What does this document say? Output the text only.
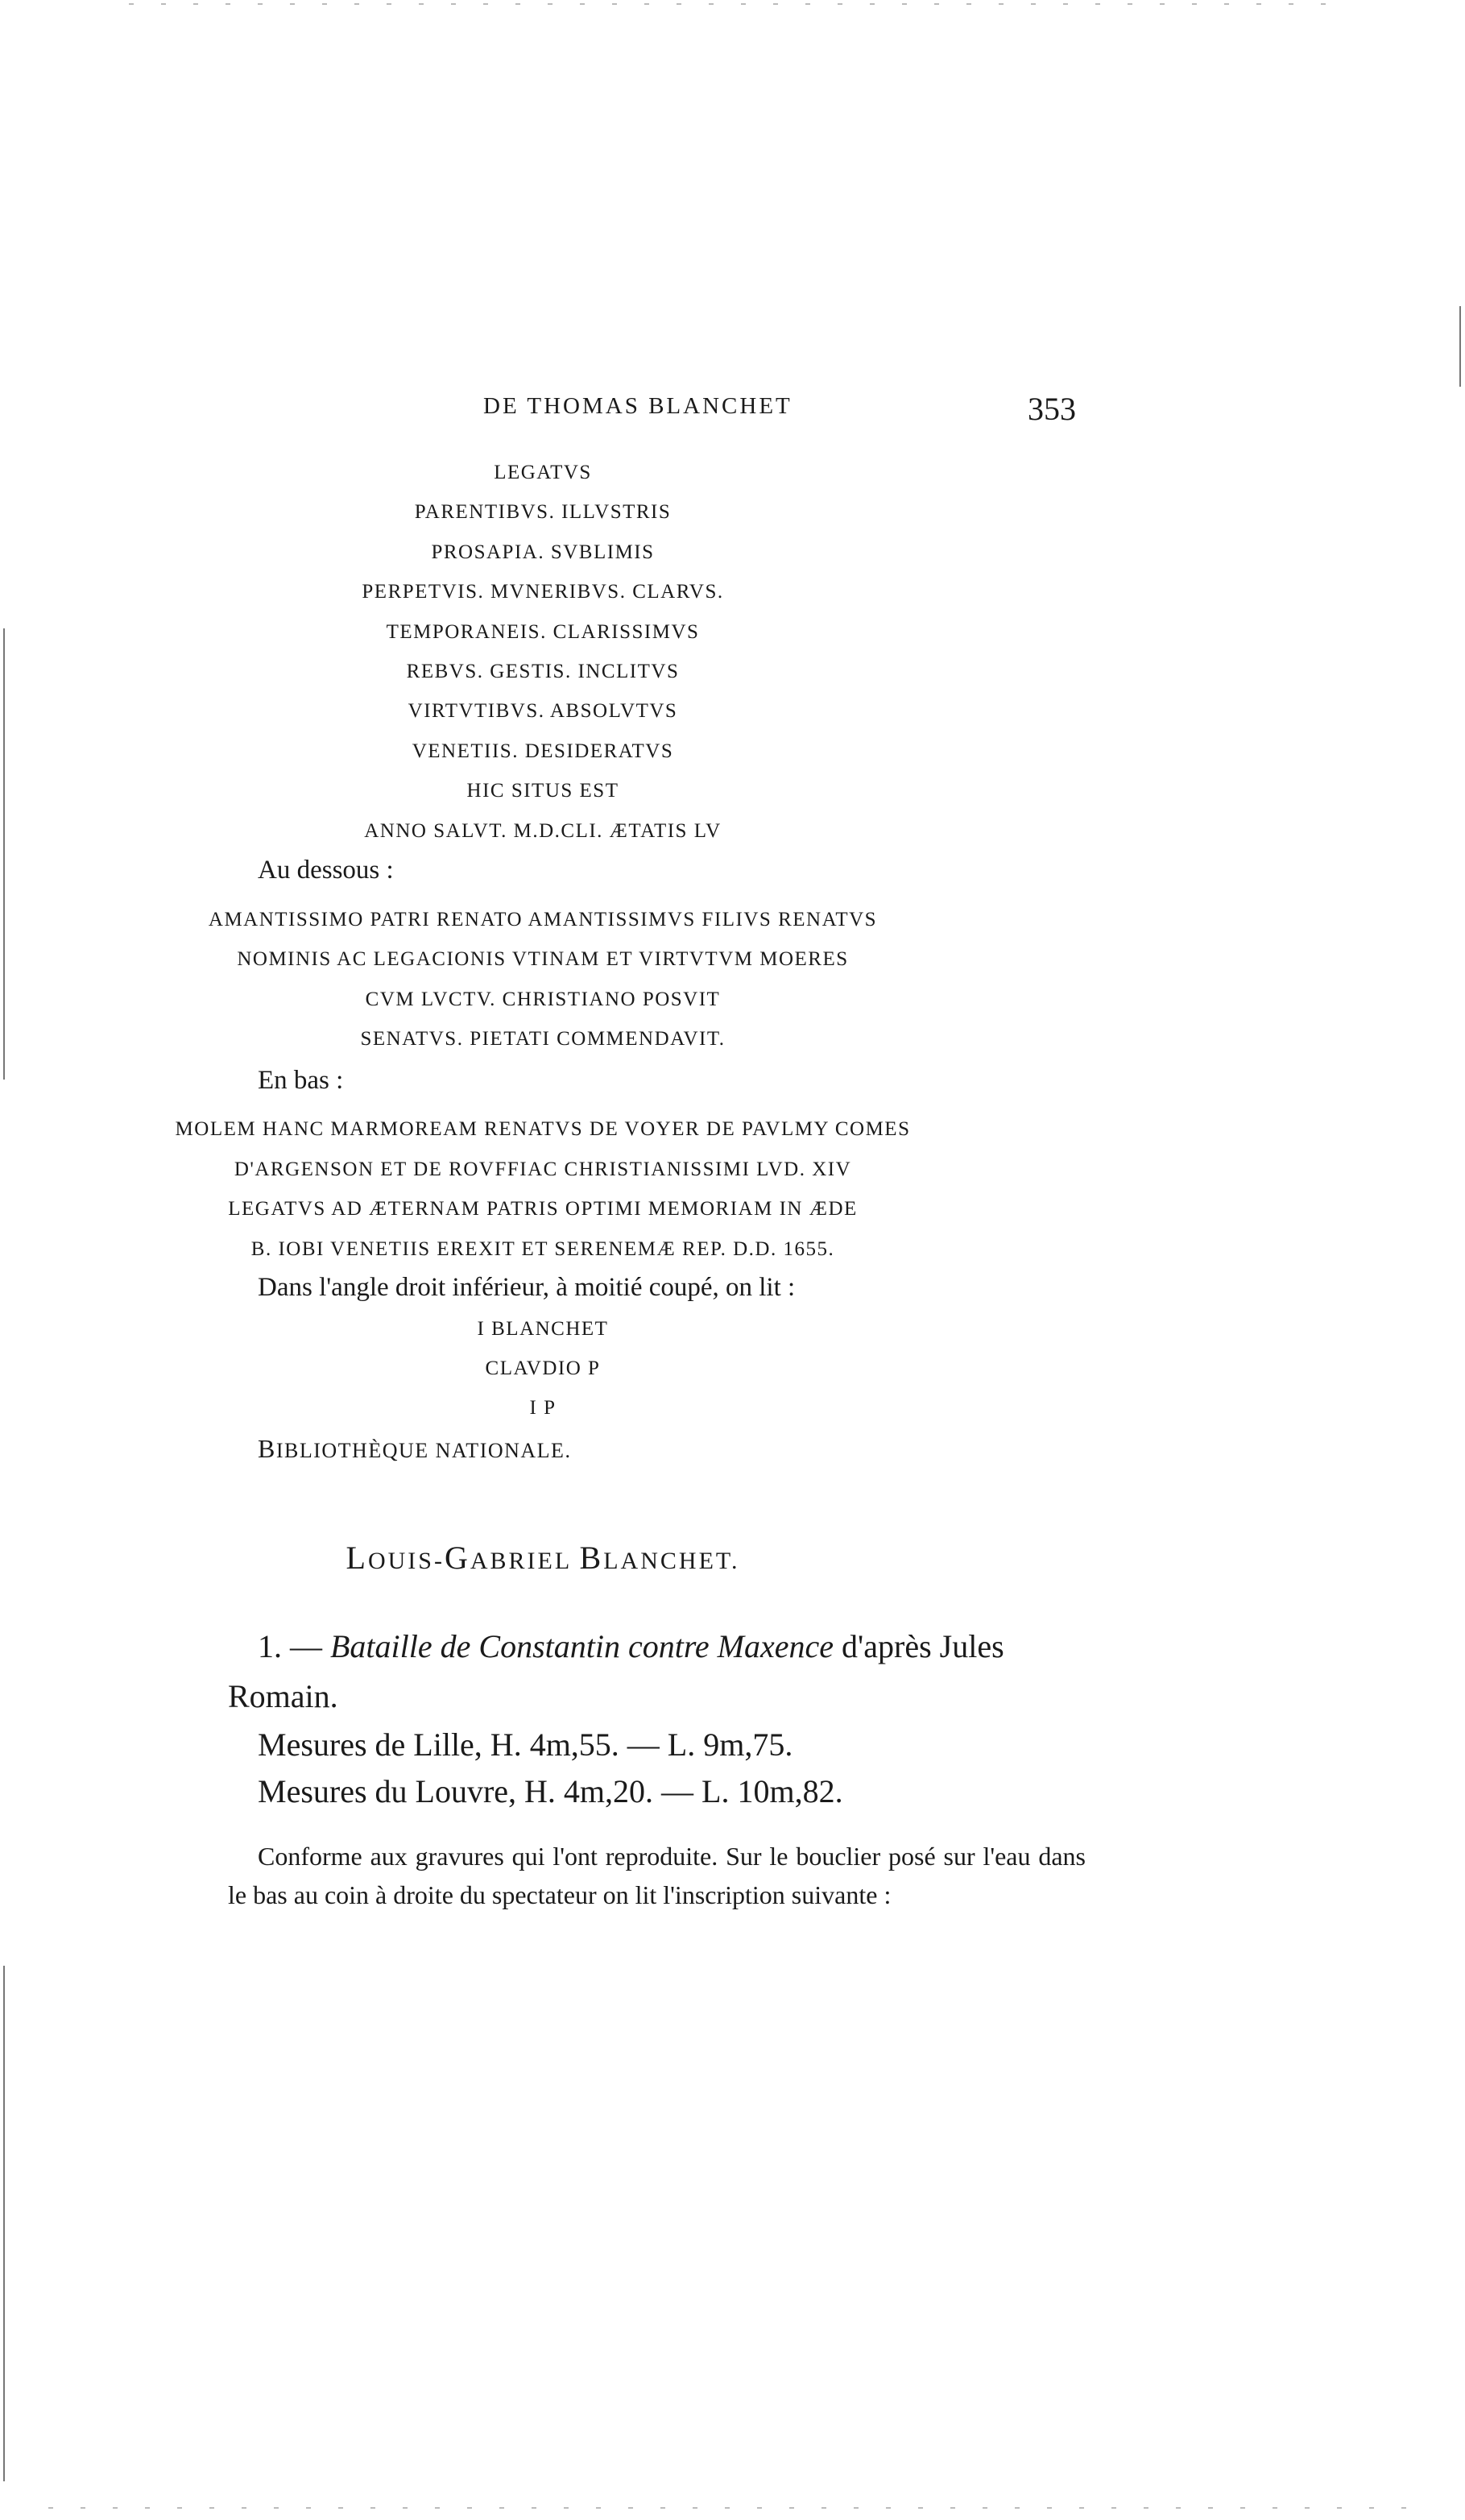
DE THOMAS BLANCHET	353
LEGATVS
PARENTIBVS. ILLVSTRIS
PROSAPIA. SVBLIMIS
PERPETVIS. MVNERIBVS. CLARVS.
TEMPORANEIS. CLARISSIMVS
REBVS. GESTIS. INCLITVS
VIRTVTIBVS. ABSOLVTVS
VENETIIS. DESIDERATVS
HIC SITUS EST
ANNO SALVT. M.D.CLI. ÆTATIS LV
Au dessous :
AMANTISSIMO PATRI RENATO AMANTISSIMVS FILIVS RENATVS
NOMINIS AC LEGACIONIS VTINAM ET VIRTVTVM MOERES
CVM LVCTV. CHRISTIANO POSVIT
SENATVS. PIETATI COMMENDAVIT.
En bas :
MOLEM HANC MARMOREAM RENATVS DE VOYER DE PAVLMY COMES
D'ARGENSON ET DE ROVFFIAC CHRISTIANISSIMI LVD. XIV
LEGATVS AD ÆTERNAM PATRIS OPTIMI MEMORIAM IN ÆDE
B. IOBI VENETIIS EREXIT ET SERENEMÆ REP. D.D. 1655.
Dans l'angle droit inférieur, à moitié coupé, on lit :
I BLANCHET
CLAVDIO P
I P
BIBLIOTHÈQUE NATIONALE.
LOUIS-GABRIEL BLANCHET.
1. — Bataille de Constantin contre Maxence d'après Jules
Romain.
Mesures de Lille, H. 4m,55. — L. 9m,75.
Mesures du Louvre, H. 4m,20. — L. 10m,82.
Conforme aux gravures qui l'ont reproduite. Sur le bouclier posé sur l'eau dans le bas au coin à droite du spectateur on lit l'inscription suivante :
